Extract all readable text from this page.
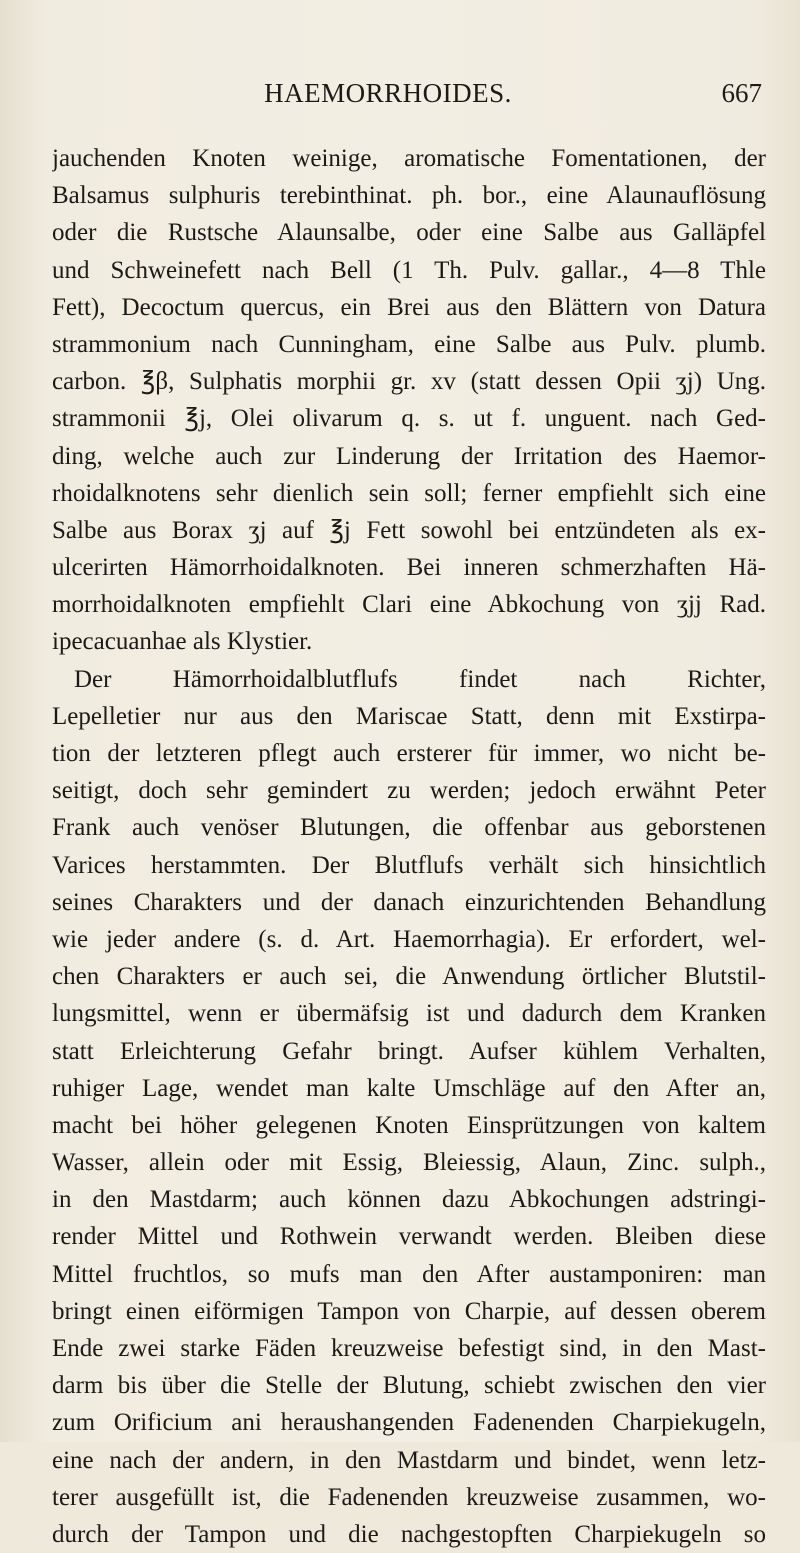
HAEMORRHOIDES.	667
jauchenden Knoten weinige, aromatische Fomentationen, der
Balsamus sulphuris terebinthinat. ph. bor., eine Alaunauflösung
oder die Rustsche Alaunsalbe, oder eine Salbe aus Galläpfel
und Schweinefett nach Bell (1 Th. Pulv. gallar., 4—8 Thle
Fett), Decoctum quercus, ein Brei aus den Blättern von Datura
strammonium nach Cunningham, eine Salbe aus Pulv. plumb.
carbon. ℥β, Sulphatis morphii gr. xv (statt dessen Opii ʒj) Ung.
strammonii ℥j, Olei olivarum q. s. ut f. unguent. nach Ged-
ding, welche auch zur Linderung der Irritation des Haemor-
rhoidalknotens sehr dienlich sein soll; ferner empfiehlt sich eine
Salbe aus Borax ʒj auf ℥j Fett sowohl bei entzündeten als ex-
ulcerirten Hämorrhoidalknoten. Bei inneren schmerzhaften Hä-
morrhoidalknoten empfiehlt Clari eine Abkochung von ʒjj Rad.
ipecacuanhae als Klystier.
Der Hämorrhoidalblutflufs findet nach Richter,
Lepelletier nur aus den Mariscae Statt, denn mit Exstirpa-
tion der letzteren pflegt auch ersterer für immer, wo nicht be-
seitigt, doch sehr gemindert zu werden; jedoch erwähnt Peter
Frank auch venöser Blutungen, die offenbar aus geborstenen
Varices herstammten. Der Blutflufs verhält sich hinsichtlich
seines Charakters und der danach einzurichtenden Behandlung
wie jeder andere (s. d. Art. Haemorrhagia). Er erfordert, wel-
chen Charakters er auch sei, die Anwendung örtlicher Blutstil-
lungsmittel, wenn er übermäfsig ist und dadurch dem Kranken
statt Erleichterung Gefahr bringt. Aufser kühlem Verhalten,
ruhiger Lage, wendet man kalte Umschläge auf den After an,
macht bei höher gelegenen Knoten Einsprützungen von kaltem
Wasser, allein oder mit Essig, Bleiessig, Alaun, Zinc. sulph.,
in den Mastdarm; auch können dazu Abkochungen adstringi-
render Mittel und Rothwein verwandt werden. Bleiben diese
Mittel fruchtlos, so mufs man den After austamponiren: man
bringt einen eiförmigen Tampon von Charpie, auf dessen oberem
Ende zwei starke Fäden kreuzweise befestigt sind, in den Mast-
darm bis über die Stelle der Blutung, schiebt zwischen den vier
zum Orificium ani heraushangenden Fadenenden Charpiekugeln,
eine nach der andern, in den Mastdarm und bindet, wenn letz-
terer ausgefüllt ist, die Fadenenden kreuzweise zusammen, wo-
durch der Tampon und die nachgestopften Charpiekugeln so
